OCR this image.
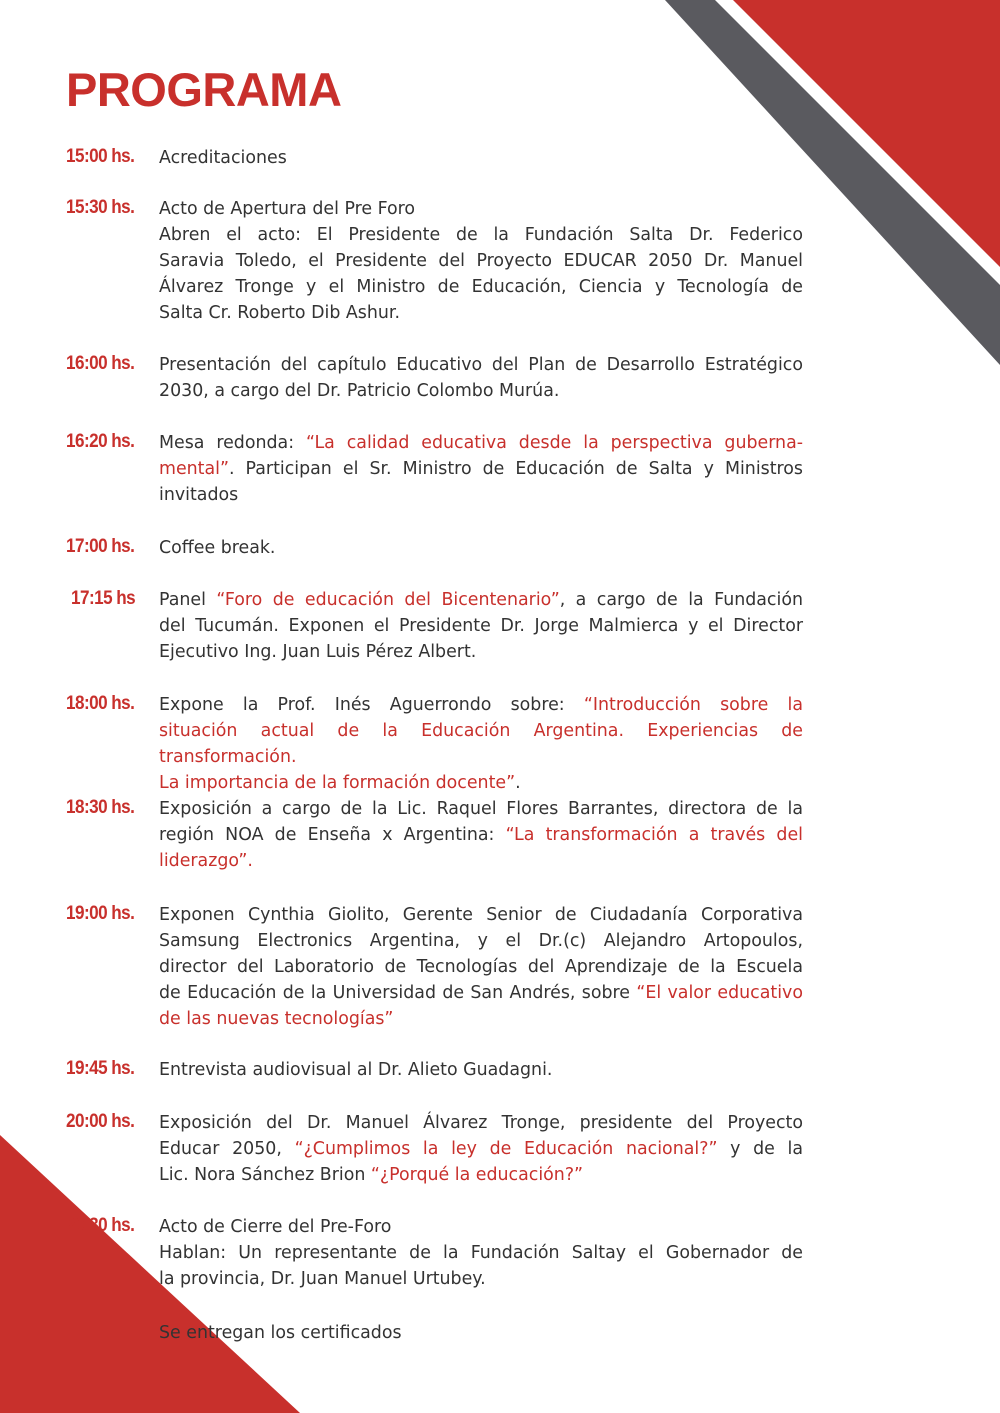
PROGRAMA
15:00 hs.	Acreditaciones
15:30 hs.	Acto de Apertura del Pre Foro
Abren el acto: El Presidente de la Fundación Salta Dr. Federico
Saravia Toledo, el Presidente del Proyecto EDUCAR 2050 Dr. Manuel
Álvarez Tronge y el Ministro de Educación, Ciencia y Tecnología de
Salta Cr. Roberto Dib Ashur.
16:00 hs.	Presentación del capítulo Educativo del Plan de Desarrollo Estratégico
2030, a cargo del Dr. Patricio Colombo Murúa.
16:20 hs.	Mesa redonda: “La calidad educativa desde la perspectiva guberna-
mental”. Participan el Sr. Ministro de Educación de Salta y Ministros
invitados
17:00 hs.	Coffee break.
17:15 hs	Panel “Foro de educación del Bicentenario”, a cargo de la Fundación
del Tucumán. Exponen el Presidente Dr. Jorge Malmierca y el Director
Ejecutivo Ing. Juan Luis Pérez Albert.
18:00 hs.	Expone la Prof. Inés Aguerrondo sobre: “Introducción sobre la
situación actual de la Educación Argentina. Experiencias de transformación.
La importancia de la formación docente”.
18:30 hs.	Exposición a cargo de la Lic. Raquel Flores Barrantes, directora de la
región NOA de Enseña x Argentina: “La transformación a través del
liderazgo”.
19:00 hs.	Exponen Cynthia Giolito, Gerente Senior de Ciudadanía Corporativa
Samsung Electronics Argentina, y el Dr.(c) Alejandro Artopoulos,
director del Laboratorio de Tecnologías del Aprendizaje de la Escuela
de Educación de la Universidad de San Andrés, sobre “El valor educativo
de las nuevas tecnologías”
19:45 hs.	Entrevista audiovisual al Dr. Alieto Guadagni.
20:00 hs.	Exposición del Dr. Manuel Álvarez Tronge, presidente del Proyecto
Educar 2050, “¿Cumplimos la ley de Educación nacional?” y de la
Lic. Nora Sánchez Brion “¿Porqué la educación?”
20:30 hs.	Acto de Cierre del Pre-Foro
Hablan: Un representante de la Fundación Saltay el Gobernador de
la provincia, Dr. Juan Manuel Urtubey.
Se entregan los certificados
